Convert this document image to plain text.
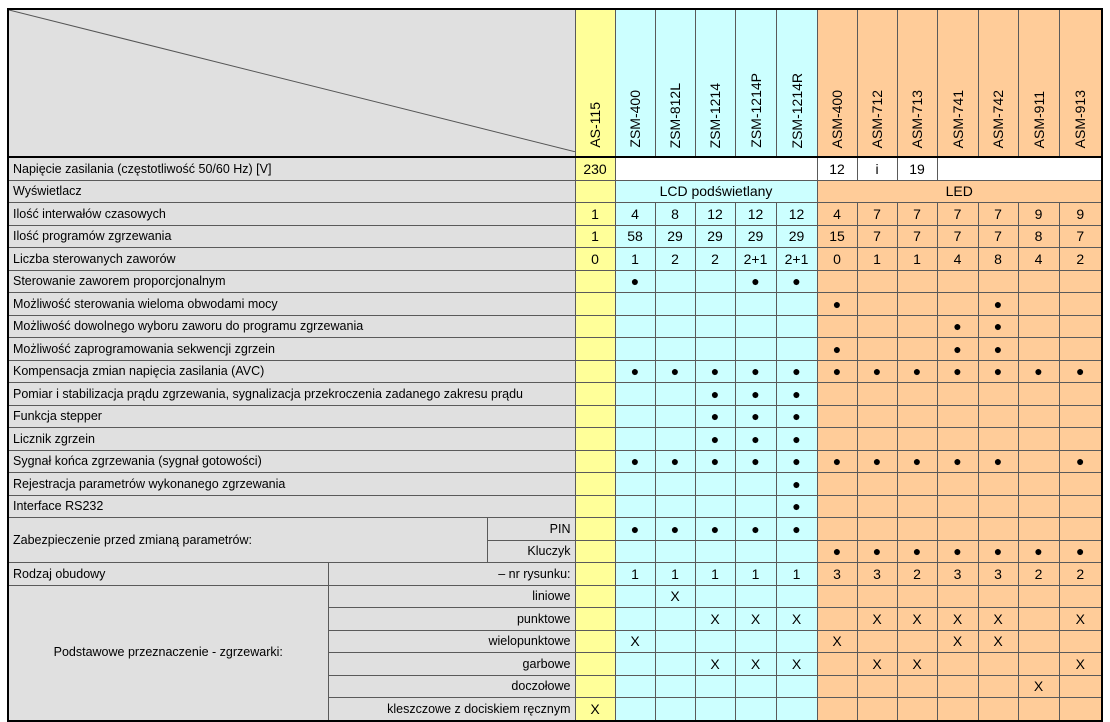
	AS-115	ZSM-400	ZSM-812L	ZSM-1214	ZSM-1214P	ZSM-1214R	ASM-400	ASM-712	ASM-713	ASM-741	ASM-742	ASM-911	ASM-913
Napięcie zasilania (częstotliwość 50/60 Hz) [V]			230						12	i	19				
Wyświetlacz				LCD podświetlany					LED						
Ilość interwałów czasowych			1	4	8	12	12	12	4	7	7	7	7	9	9
Ilość programów zgrzewania			1	58	29	29	29	29	15	7	7	7	7	8	7
Liczba sterowanych zaworów			0	1	2	2	2+1	2+1	0	1	1	4	8	4	2
Sterowanie zaworem proporcjonalnym				●			●	●							
Możliwość sterowania wieloma obwodami mocy									●				●		
Możliwość dowolnego wyboru zaworu do programu zgrzewania												●	●		
Możliwość zaprogramowania sekwencji zgrzein									●			●	●		
Kompensacja zmian napięcia zasilania (AVC)				●	●	●	●	●	●	●	●	●	●	●	●
Pomiar i stabilizacja prądu zgrzewania, sygnalizacja przekroczenia zadanego zakresu prądu						●	●	●							
Funkcja stepper						●	●	●							
Licznik zgrzein						●	●	●							
Sygnał końca zgrzewania (sygnał gotowości)				●	●	●	●	●	●	●	●	●	●		●
Rejestracja parametrów wykonanego zgrzewania								●							
Interface RS232								●							
Zabezpieczenie przed zmianą parametrów:		PIN		●	●	●	●	●							
		Kluczyk							●	●	●	●	●	●	●
Rodzaj obudowy	– nr rysunku:			1	1	1	1	1	3	3	2	3	3	2	2
Podstawowe przeznaczenie - zgrzewarki:	liniowe				X										
	punktowe					X	X	X		X	X	X	X		X
	wielopunktowe			X					X			X	X		
	garbowe					X	X	X		X	X				X
	doczołowe													X	
	kleszczowe z dociskiem ręcznym		X												
